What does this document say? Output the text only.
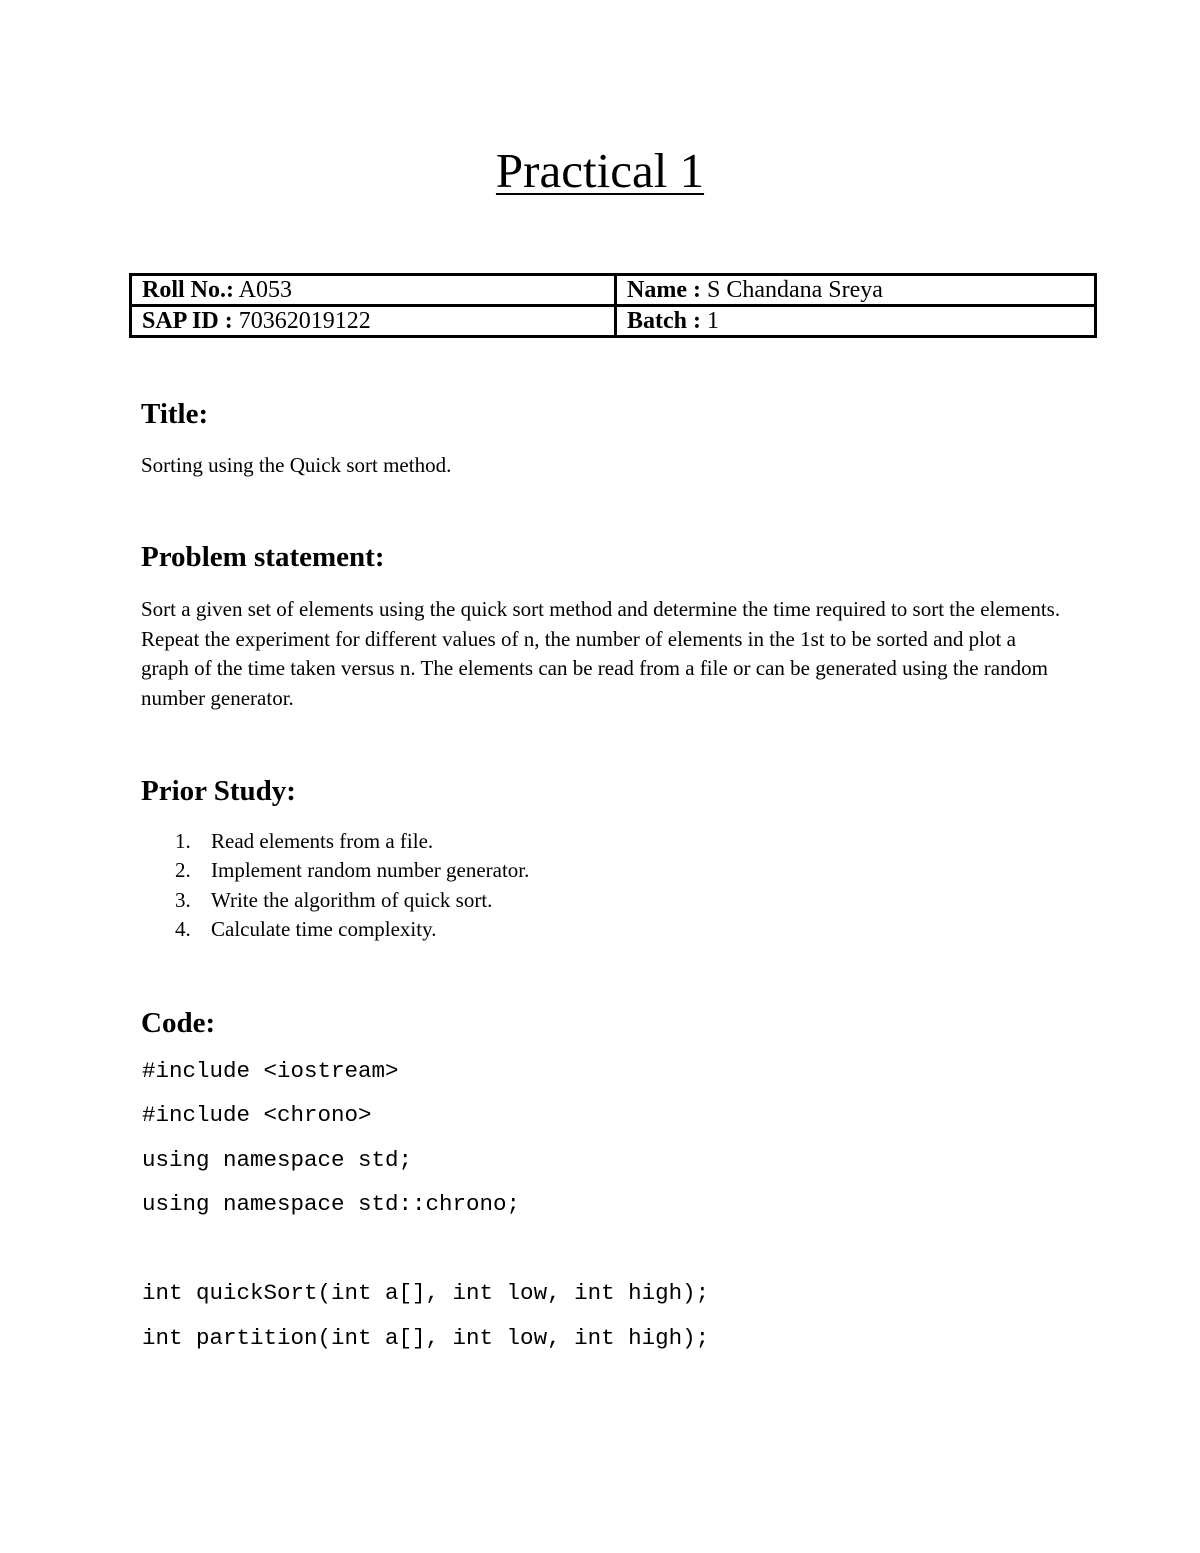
Practical 1
Roll No.: A053	Name : S Chandana Sreya
SAP ID : 70362019122	Batch : 1
Title:

Sorting using the Quick sort method.

Problem statement:

Sort a given set of elements using the quick sort method and determine the time required to sort the elements. Repeat the experiment for different values of n, the number of elements in the 1st to be sorted and plot a graph of the time taken versus n. The elements can be read from a file or can be generated using the random number generator.

Prior Study:
1. Read elements from a file.
2. Implement random number generator.
3. Write the algorithm of quick sort.
4. Calculate time complexity.
Code:
#include <iostream>
#include <chrono>
using namespace std;
using namespace std::chrono;
int quickSort(int a[], int low, int high);
int partition(int a[], int low, int high);
